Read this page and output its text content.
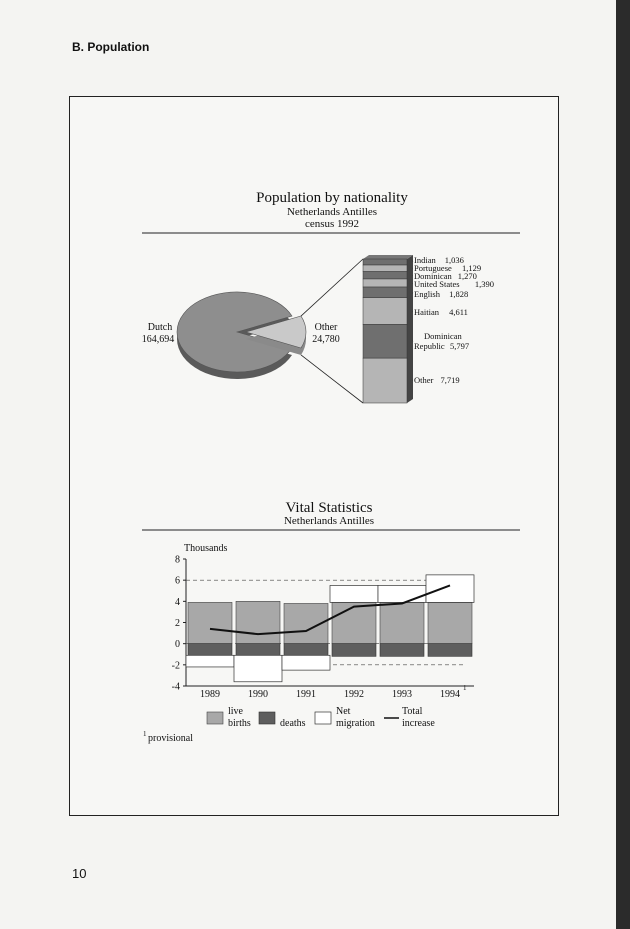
B. Population
10
Population by nationality
Netherlands Antilles
census 1992
Dutch
164,694
Other
24,780
Indian 1,036
Portuguese 1,129
Dominican 1,270
United States 1,390
English 1,828
Haitian 4,611
Dominican
Republic 5,797
Other 7,719
Vital Statistics
Netherlands Antilles
Thousands
8
6
4
2
0
-2
-4
1989	1990	1991	1992	1993	1994
1
live
births	deaths
Net
migration
Total
increase
1 provisional
